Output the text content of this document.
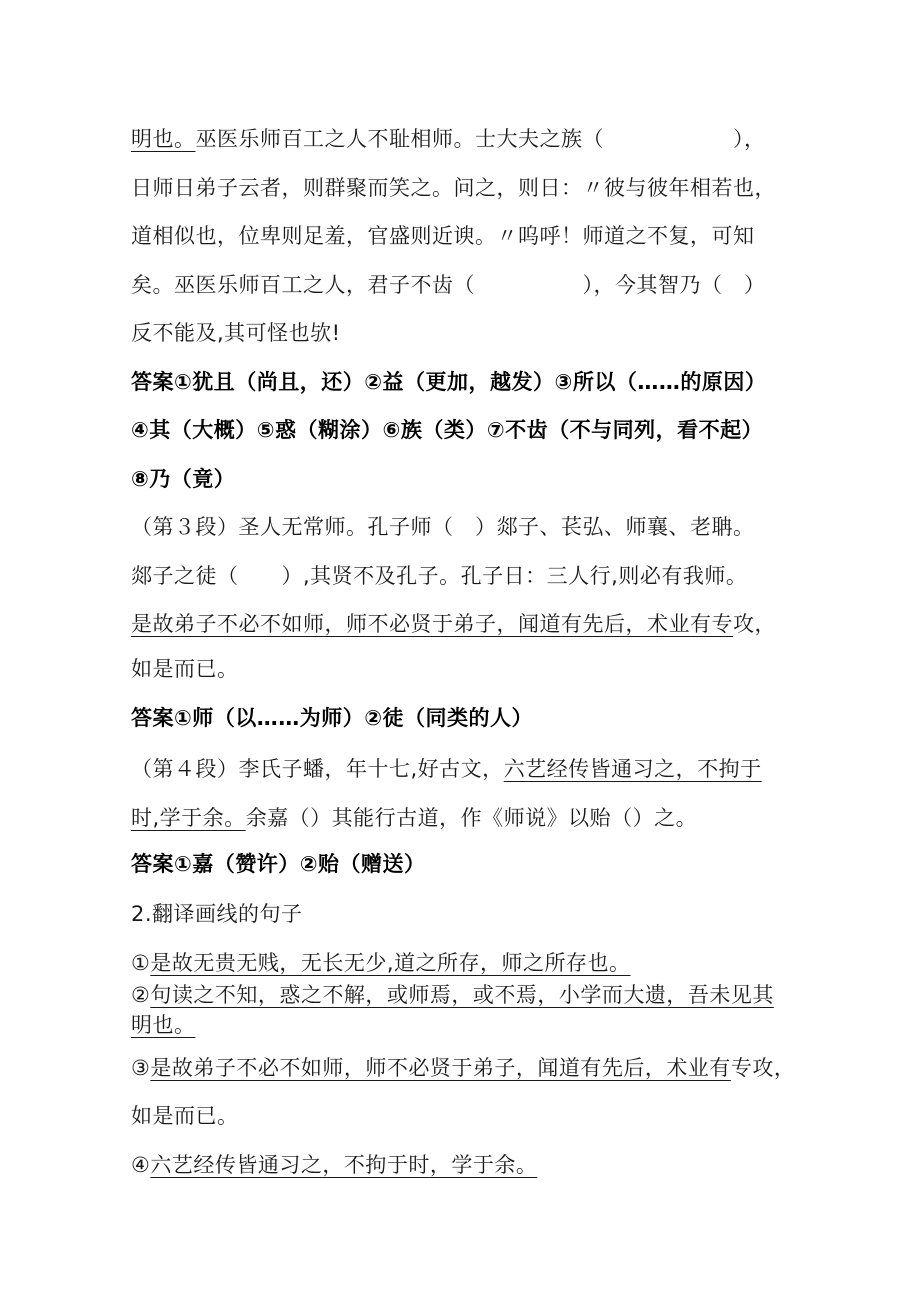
明也。巫医乐师百工之人不耻相师。士大夫之族（　　　　　　），
日师日弟子云者，则群聚而笑之。问之，则日：〃彼与彼年相若也，
道相似也，位卑则足羞，官盛则近谀。〃呜呼！师道之不复，可知
矣。巫医乐师百工之人，君子不齿（　　　　　），今其智乃（　）
反不能及,其可怪也欤!
答案①犹且（尚且，还）②益（更加，越发）③所以（……的原因）
④其（大概）⑤惑（糊涂）⑥族（类）⑦不齿（不与同列，看不起）
⑧乃（竟）
（第３段）圣人无常师。孔子师（　）郯子、苌弘、师襄、老聃。
郯子之徒（　　）,其贤不及孔子。孔子日：三人行,则必有我师。
是故弟子不必不如师，师不必贤于弟子，闻道有先后，术业有专攻，
如是而已。
答案①师（以……为师）②徒（同类的人）
（第４段）李氏子蟠，年十七,好古文，六艺经传皆通习之，不拘于
时,学于余。余嘉（）其能行古道，作《师说》以贻（）之。
答案①嘉（赞许）②贻（赠送）
2.翻译画线的句子
①是故无贵无贱，无长无少,道之所存，师之所存也。
②句读之不知，惑之不解，或师焉，或不焉，小学而大遗，吾未见其
明也。
③是故弟子不必不如师，师不必贤于弟子，闻道有先后，术业有专攻，
如是而已。
④六艺经传皆通习之，不拘于时，学于余。
